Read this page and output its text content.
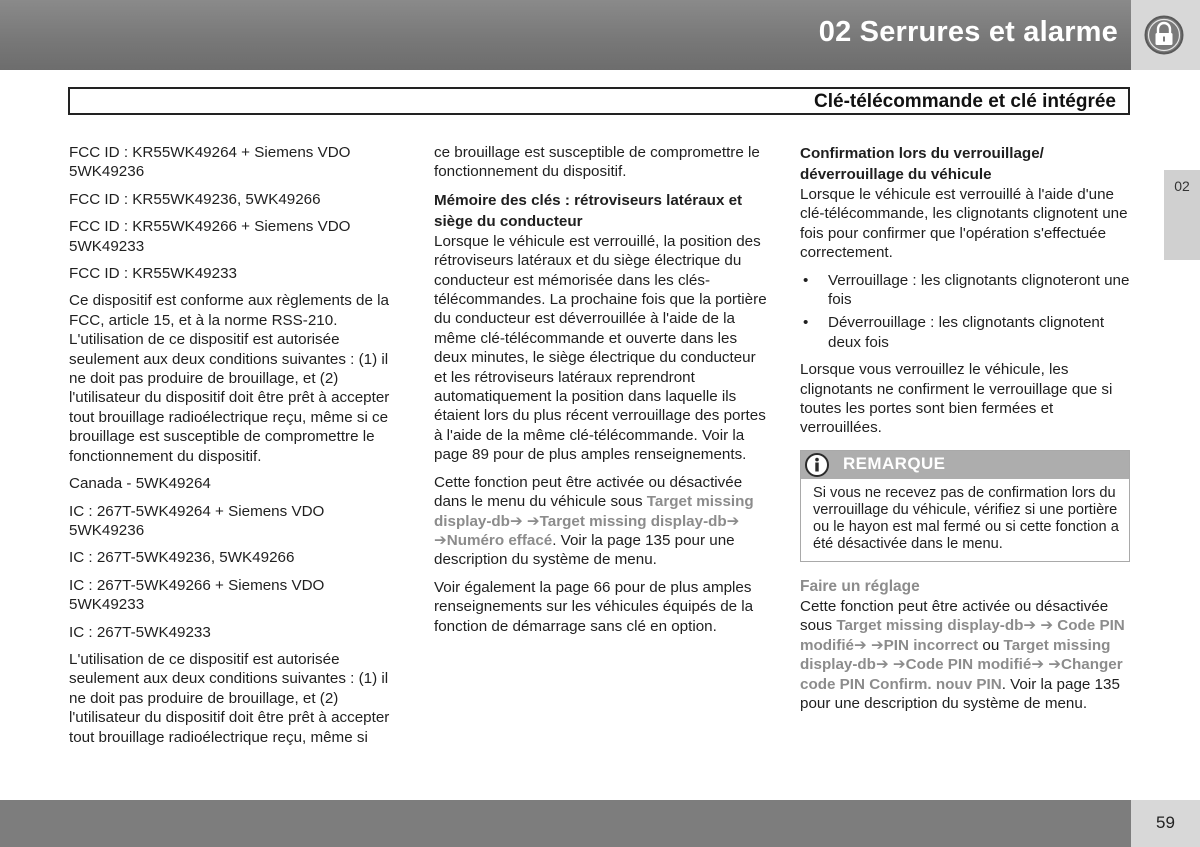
02 Serrures et alarme
Clé-télécommande et clé intégrée
02

FCC ID : KR55WK49264 + Siemens VDO 5WK49236

FCC ID : KR55WK49236, 5WK49266

FCC ID : KR55WK49266 + Siemens VDO 5WK49233

FCC ID : KR55WK49233

Ce dispositif est conforme aux règlements de la FCC, article 15, et à la norme RSS-210. L'utilisation de ce dispositif est autorisée seulement aux deux conditions suivantes : (1) il ne doit pas produire de brouillage, et (2) l'utilisateur du dispositif doit être prêt à accepter tout brouillage radioélectrique reçu, même si ce brouillage est susceptible de compromettre le fonctionnement du dispositif.

Canada - 5WK49264

IC : 267T-5WK49264 + Siemens VDO 5WK49236

IC : 267T-5WK49236, 5WK49266

IC : 267T-5WK49266 + Siemens VDO 5WK49233

IC : 267T-5WK49233

L'utilisation de ce dispositif est autorisée seulement aux deux conditions suivantes : (1) il ne doit pas produire de brouillage, et (2) l'utilisateur du dispositif doit être prêt à accepter tout brouillage radioélectrique reçu, même si

ce brouillage est susceptible de compromettre le fonctionnement du dispositif.

Mémoire des clés : rétroviseurs latéraux et siège du conducteur

Lorsque le véhicule est verrouillé, la position des rétroviseurs latéraux et du siège électrique du conducteur est mémorisée dans les clés-télécommandes. La prochaine fois que la portière du conducteur est déverrouillée à l'aide de la même clé-télécommande et ouverte dans les deux minutes, le siège électrique du conducteur et les rétroviseurs latéraux reprendront automatiquement la position dans laquelle ils étaient lors du plus récent verrouillage des portes à l'aide de la même clé-télécommande. Voir la page 89 pour de plus amples renseignements.

Cette fonction peut être activée ou désactivée dans le menu du véhicule sous Target missing display-db➔ ➔Target missing display-db➔ ➔Numéro effacé. Voir la page 135 pour une description du système de menu.

Voir également la page 66 pour de plus amples renseignements sur les véhicules équipés de la fonction de démarrage sans clé en option.

Confirmation lors du verrouillage/ déverrouillage du véhicule

Lorsque le véhicule est verrouillé à l'aide d'une clé-télécommande, les clignotants clignotent une fois pour confirmer que l'opération s'effectuée correctement.

• Verrouillage : les clignotants clignoteront une fois
• Déverrouillage : les clignotants clignotent deux fois

Lorsque vous verrouillez le véhicule, les clignotants ne confirment le verrouillage que si toutes les portes sont bien fermées et verrouillées.

REMARQUE
Si vous ne recevez pas de confirmation lors du verrouillage du véhicule, vérifiez si une portière ou le hayon est mal fermé ou si cette fonction a été désactivée dans le menu.
Faire un réglage

Cette fonction peut être activée ou désactivée sous Target missing display-db➔ ➔ Code PIN modifié➔ ➔PIN incorrect ou Target missing display-db➔ ➔Code PIN modifié➔ ➔Changer code PIN Confirm. nouv PIN. Voir la page 135 pour une description du système de menu.

59
